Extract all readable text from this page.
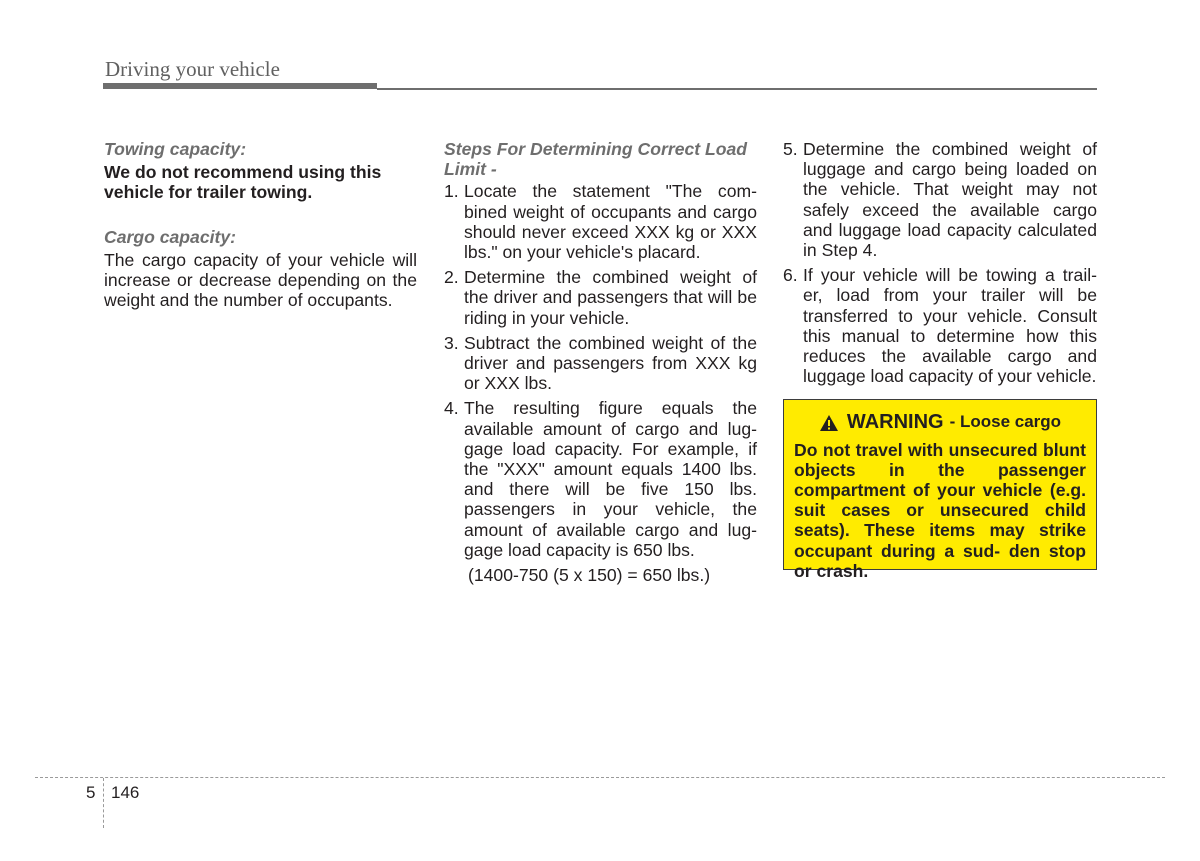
Driving your vehicle

Towing capacity:

We do not recommend using this vehicle for trailer towing.

Cargo capacity:

The cargo capacity of your vehicle will increase or decrease depending on the weight and the number of occupants.

Steps For Determining Correct Load Limit -

1. Locate the statement "The com- bined weight of occupants and cargo should never exceed XXX kg or XXX lbs." on your vehicle's placard.
2. Determine the combined weight of the driver and passengers that will be riding in your vehicle.
3. Subtract the combined weight of the driver and passengers from XXX kg or XXX lbs.
4. The resulting figure equals the available amount of cargo and lug- gage load capacity. For example, if the "XXX" amount equals 1400 lbs. and there will be five 150 lbs. passengers in your vehicle, the amount of available cargo and lug- gage load capacity is 650 lbs.

(1400-750 (5 x 150) = 650 lbs.)

5. Determine the combined weight of luggage and cargo being loaded on the vehicle. That weight may not safely exceed the available cargo and luggage load capacity calculated in Step 4.
6. If your vehicle will be towing a trail- er, load from your trailer will be transferred to your vehicle. Consult this manual to determine how this reduces the available cargo and luggage load capacity of your vehicle.
WARNING - Loose cargo
Do not travel with unsecured blunt objects in the passenger compartment of your vehicle (e.g. suit cases or unsecured child seats). These items may strike occupant during a sud- den stop or crash.
5 146
